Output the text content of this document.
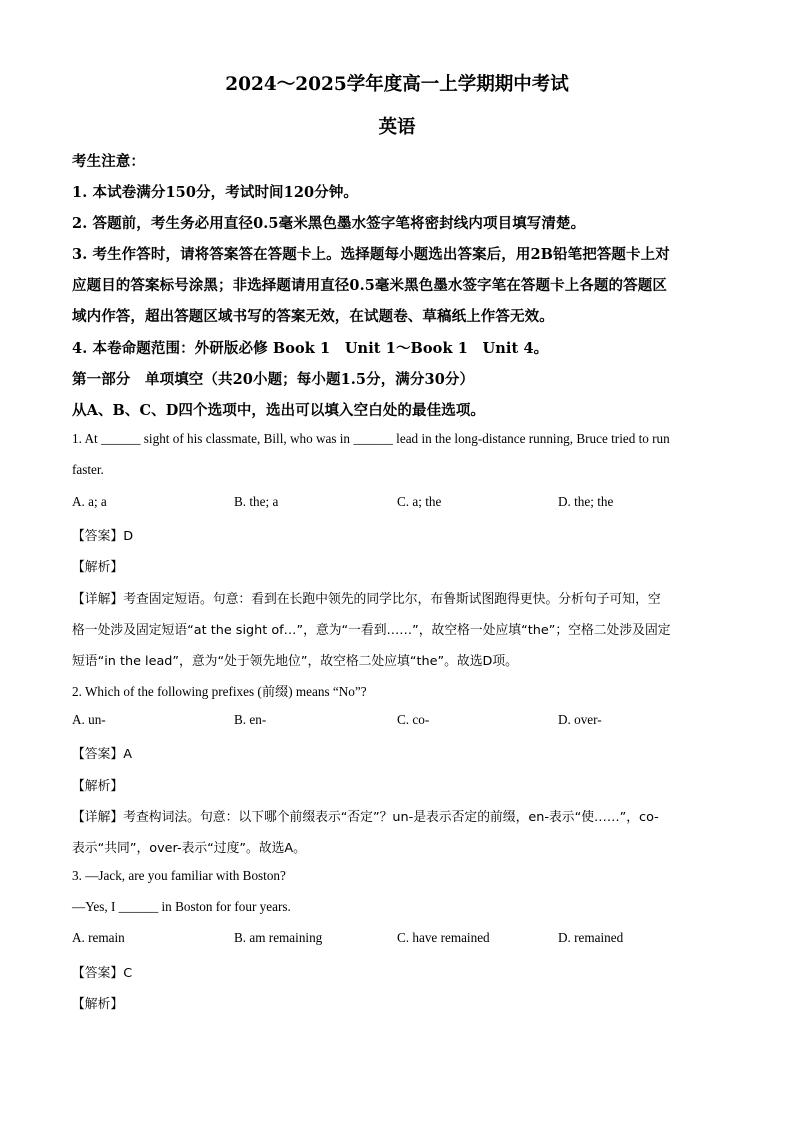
2024～2025学年度高一上学期期中考试
英语
考生注意：
1. 本试卷满分150分，考试时间120分钟。
2. 答题前，考生务必用直径0.5毫米黑色墨水签字笔将密封线内项目填写清楚。
3. 考生作答时，请将答案答在答题卡上。选择题每小题选出答案后，用2B铅笔把答题卡上对
应题目的答案标号涂黑；非选择题请用直径0.5毫米黑色墨水签字笔在答题卡上各题的答题区
域内作答，超出答题区域书写的答案无效，在试题卷、草稿纸上作答无效。
4. 本卷命题范围：外研版必修 Book 1　Unit 1～Book 1　Unit 4。
第一部分　单项填空（共20小题；每小题1.5分，满分30分）
从A、B、C、D四个选项中，选出可以填入空白处的最佳选项。
1. At ______ sight of his classmate, Bill, who was in ______ lead in the long-distance running, Bruce tried to run
faster.
A. a; a	B. the; a	C. a; the	D. the; the
【答案】D
【解析】
【详解】考查固定短语。句意：看到在长跑中领先的同学比尔，布鲁斯试图跑得更快。分析句子可知，空
格一处涉及固定短语“at the sight of…”，意为“一看到……”，故空格一处应填“the”；空格二处涉及固定
短语“in the lead”，意为“处于领先地位”，故空格二处应填“the”。故选D项。
2. Which of the following prefixes (前缀) means “No”?
A. un-	B. en-	C. co-	D. over-
【答案】A
【解析】
【详解】考查构词法。句意：以下哪个前缀表示“否定”？un-是表示否定的前缀，en-表示“使……”，co-
表示“共同”，over-表示“过度”。故选A。
3. —Jack, are you familiar with Boston?
—Yes, I ______ in Boston for four years.
A. remain	B. am remaining	C. have remained	D. remained
【答案】C
【解析】
